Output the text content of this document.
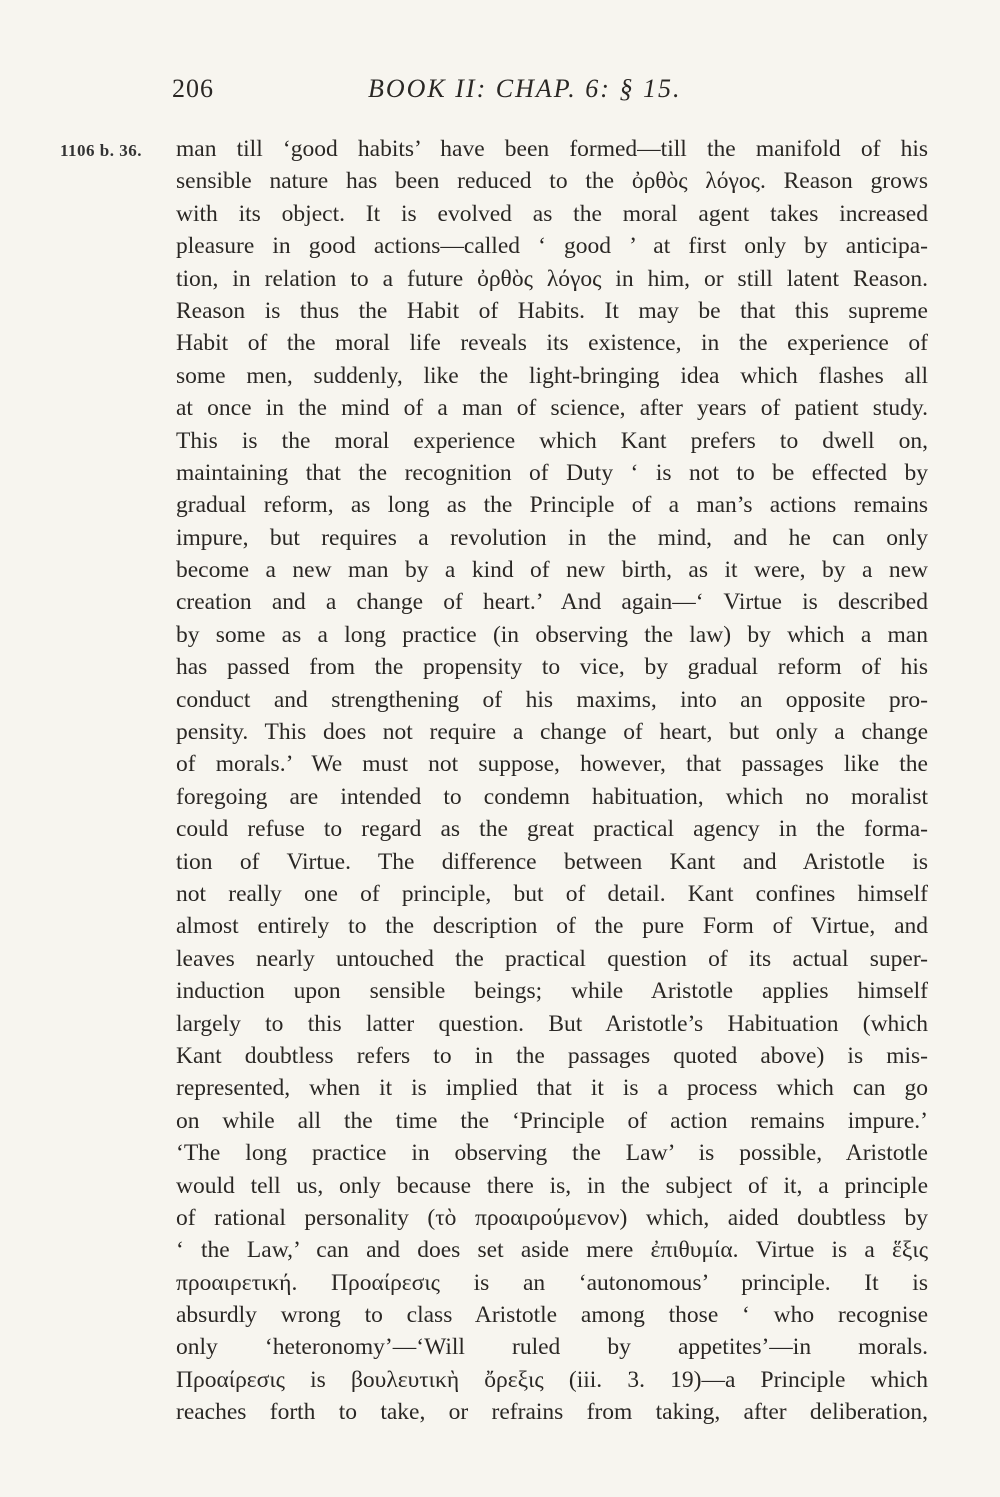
206	BOOK II: CHAP. 6: § 15.
1106 b. 36. man till ‘good habits’ have been formed—till the manifold of his
sensible nature has been reduced to the ὀρθὸς λόγος. Reason grows
with its object. It is evolved as the moral agent takes increased
pleasure in good actions—called ‘ good ’ at first only by anticipa-
tion, in relation to a future ὀρθὸς λόγος in him, or still latent Reason.
Reason is thus the Habit of Habits. It may be that this supreme
Habit of the moral life reveals its existence, in the experience of
some men, suddenly, like the light-bringing idea which flashes all
at once in the mind of a man of science, after years of patient study.
This is the moral experience which Kant prefers to dwell on,
maintaining that the recognition of Duty ‘ is not to be effected by
gradual reform, as long as the Principle of a man’s actions remains
impure, but requires a revolution in the mind, and he can only
become a new man by a kind of new birth, as it were, by a new
creation and a change of heart.’ And again—‘ Virtue is described
by some as a long practice (in observing the law) by which a man
has passed from the propensity to vice, by gradual reform of his
conduct and strengthening of his maxims, into an opposite pro-
pensity. This does not require a change of heart, but only a change
of morals.’ We must not suppose, however, that passages like the
foregoing are intended to condemn habituation, which no moralist
could refuse to regard as the great practical agency in the forma-
tion of Virtue. The difference between Kant and Aristotle is
not really one of principle, but of detail. Kant confines himself
almost entirely to the description of the pure Form of Virtue, and
leaves nearly untouched the practical question of its actual super-
induction upon sensible beings; while Aristotle applies himself
largely to this latter question. But Aristotle’s Habituation (which
Kant doubtless refers to in the passages quoted above) is mis-
represented, when it is implied that it is a process which can go
on while all the time the ‘Principle of action remains impure.’
‘The long practice in observing the Law’ is possible, Aristotle
would tell us, only because there is, in the subject of it, a principle
of rational personality (τὸ προαιρούμενον) which, aided doubtless by
‘ the Law,’ can and does set aside mere ἐπιθυμία. Virtue is a ἕξις
προαιρετική. Προαίρεσις is an ‘autonomous’ principle. It is
absurdly wrong to class Aristotle among those ‘ who recognise
only ‘heteronomy’—‘Will ruled by appetites’—in morals.
Προαίρεσις is βουλευτικὴ ὄρεξις (iii. 3. 19)—a Principle which
reaches forth to take, or refrains from taking, after deliberation,
